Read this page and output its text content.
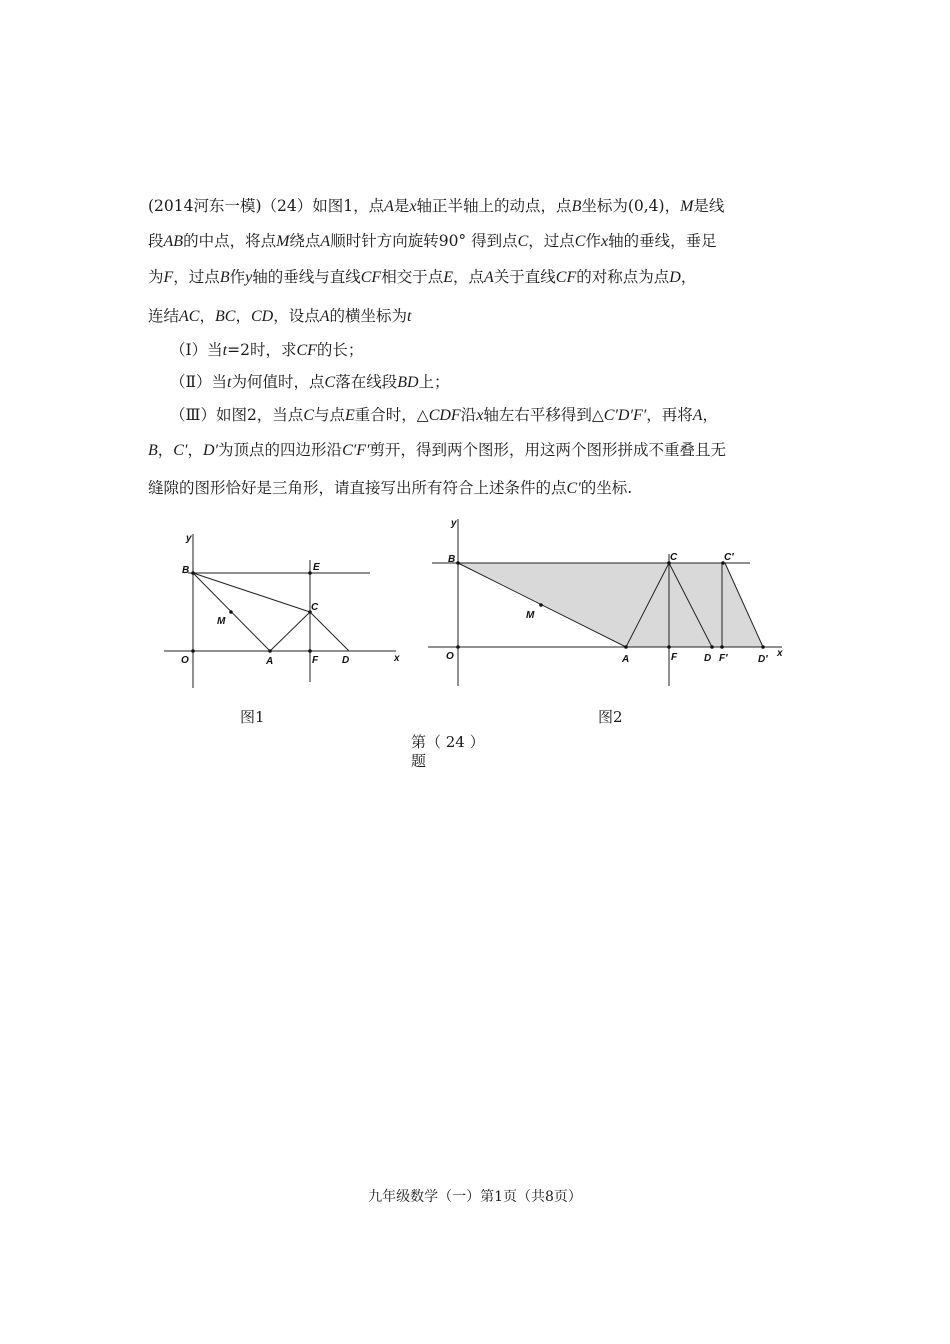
(2014河东一模)（24）如图1，点A是x轴正半轴上的动点，点B坐标为(0,4)，M是线
段AB的中点，将点M绕点A顺时针方向旋转90° 得到点C，过点C作x轴的垂线，垂足
为F，过点B作y轴的垂线与直线CF相交于点E，点A关于直线CF的对称点为点D，
连结AC，BC，CD，设点A的横坐标为t
（Ⅰ）当t=2时，求CF的长；
（Ⅱ）当t为何值时，点C落在线段BD上；
（Ⅲ）如图2，当点C与点E重合时，△CDF沿x轴左右平移得到△C′D′F′，再将A，
B，C′，D′为顶点的四边形沿C′F′剪开，得到两个图形，用这两个图形拼成不重叠且无
缝隙的图形恰好是三角形，请直接写出所有符合上述条件的点C′的坐标.
y
x
B	E
C
M
O	A	F D
图1
y
x
B	C	C′
M
O	A	F	D F′	D′
图2
第（ 24 ）
题
九年级数学（一）第1页（共8页）
